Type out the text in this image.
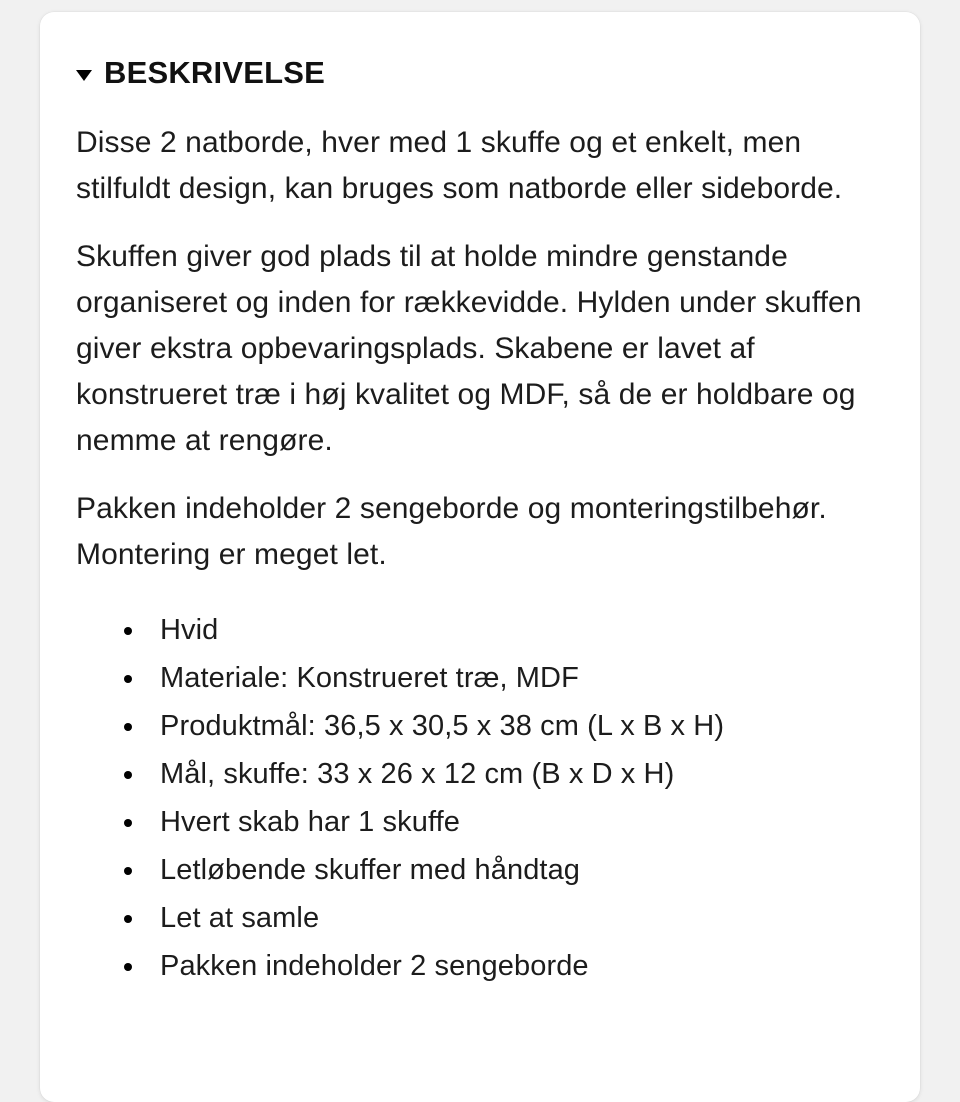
BESKRIVELSE

Disse 2 natborde, hver med 1 skuffe og et enkelt, men stilfuldt design, kan bruges som natborde eller sideborde.

Skuffen giver god plads til at holde mindre genstande organiseret og inden for rækkevidde. Hylden under skuffen giver ekstra opbevaringsplads. Skabene er lavet af konstrueret træ i høj kvalitet og MDF, så de er holdbare og nemme at rengøre.

Pakken indeholder 2 sengeborde og monteringstilbehør. Montering er meget let.

Hvid
Materiale: Konstrueret træ, MDF
Produktmål: 36,5 x 30,5 x 38 cm (L x B x H)
Mål, skuffe: 33 x 26 x 12 cm (B x D x H)
Hvert skab har 1 skuffe
Letløbende skuffer med håndtag
Let at samle
Pakken indeholder 2 sengeborde
